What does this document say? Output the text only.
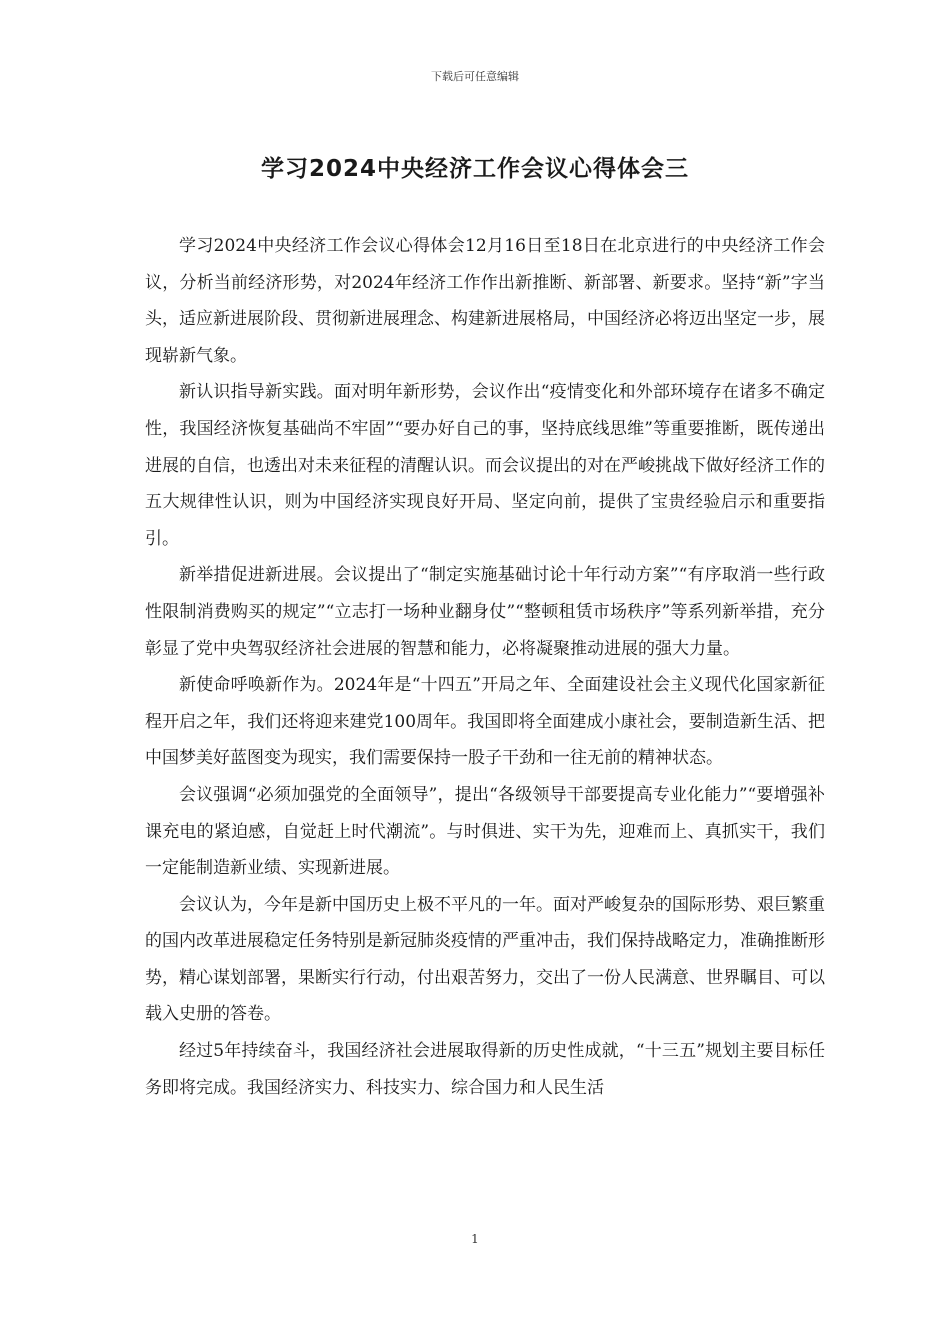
下载后可任意编辑
学习2024中央经济工作会议心得体会三

学习2024中央经济工作会议心得体会12月16日至18日在北京进行的中央经济工作会议，分析当前经济形势，对2024年经济工作作出新推断、新部署、新要求。坚持“新”字当头，适应新进展阶段、贯彻新进展理念、构建新进展格局，中国经济必将迈出坚定一步，展现崭新气象。

新认识指导新实践。面对明年新形势，会议作出“疫情变化和外部环境存在诸多不确定性，我国经济恢复基础尚不牢固”“要办好自己的事，坚持底线思维”等重要推断，既传递出进展的自信，也透出对未来征程的清醒认识。而会议提出的对在严峻挑战下做好经济工作的五大规律性认识，则为中国经济实现良好开局、坚定向前，提供了宝贵经验启示和重要指引。

新举措促进新进展。会议提出了“制定实施基础讨论十年行动方案”“有序取消一些行政性限制消费购买的规定”“立志打一场种业翻身仗”“整顿租赁市场秩序”等系列新举措，充分彰显了党中央驾驭经济社会进展的智慧和能力，必将凝聚推动进展的强大力量。

新使命呼唤新作为。2024年是“十四五”开局之年、全面建设社会主义现代化国家新征程开启之年，我们还将迎来建党100周年。我国即将全面建成小康社会，要制造新生活、把中国梦美好蓝图变为现实，我们需要保持一股子干劲和一往无前的精神状态。

会议强调“必须加强党的全面领导”，提出“各级领导干部要提高专业化能力”“要增强补课充电的紧迫感，自觉赶上时代潮流”。与时俱进、实干为先，迎难而上、真抓实干，我们一定能制造新业绩、实现新进展。

会议认为，今年是新中国历史上极不平凡的一年。面对严峻复杂的国际形势、艰巨繁重的国内改革进展稳定任务特别是新冠肺炎疫情的严重冲击，我们保持战略定力，准确推断形势，精心谋划部署，果断实行行动，付出艰苦努力，交出了一份人民满意、世界瞩目、可以载入史册的答卷。

经过5年持续奋斗，我国经济社会进展取得新的历史性成就，“十三五”规划主要目标任务即将完成。我国经济实力、科技实力、综合国力和人民生活

1
